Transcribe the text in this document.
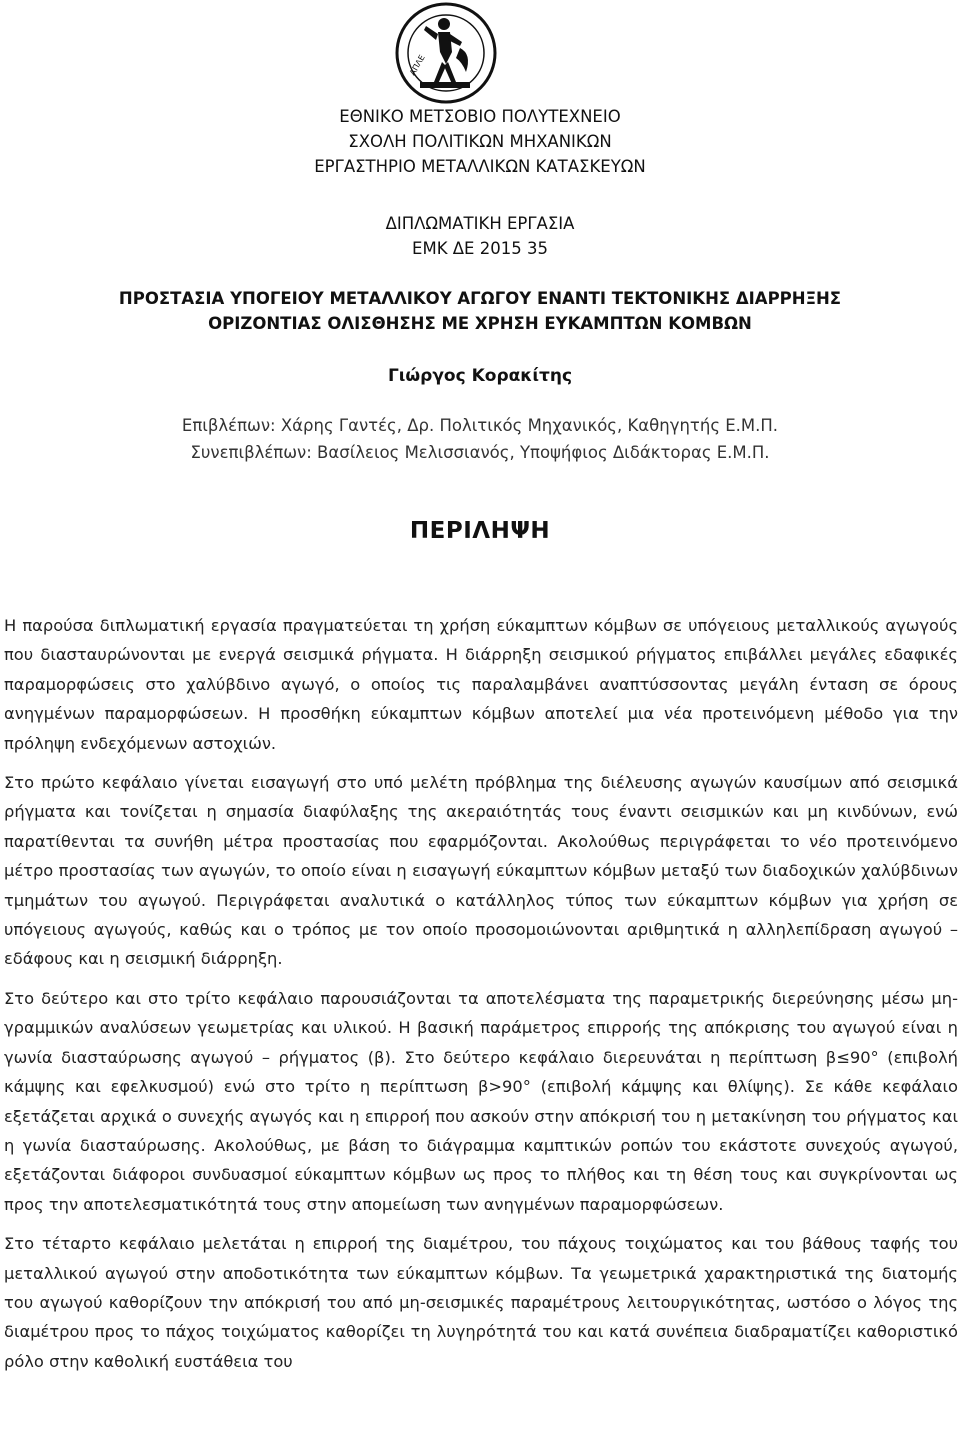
ΑΠΛΕ
ΕΘΝΙΚΟ ΜΕΤΣΟΒΙΟ ΠΟΛΥΤΕΧΝΕΙΟ
ΣΧΟΛΗ ΠΟΛΙΤΙΚΩΝ ΜΗΧΑΝΙΚΩΝ
ΕΡΓΑΣΤΗΡΙΟ ΜΕΤΑΛΛΙΚΩΝ ΚΑΤΑΣΚΕΥΩΝ
ΔΙΠΛΩΜΑΤΙΚΗ ΕΡΓΑΣΙΑ
ΕΜΚ ΔΕ 2015 35
ΠΡΟΣΤΑΣΙΑ ΥΠΟΓΕΙΟΥ ΜΕΤΑΛΛΙΚΟΥ ΑΓΩΓΟΥ ΕΝΑΝΤΙ ΤΕΚΤΟΝΙΚΗΣ ΔΙΑΡΡΗΞΗΣ
ΟΡΙΖΟΝΤΙΑΣ ΟΛΙΣΘΗΣΗΣ ΜΕ ΧΡΗΣΗ ΕΥΚΑΜΠΤΩΝ ΚΟΜΒΩΝ
Γιώργος Κορακίτης
Επιβλέπων: Χάρης Γαντές, Δρ. Πολιτικός Μηχανικός, Καθηγητής Ε.Μ.Π.
Συνεπιβλέπων: Βασίλειος Μελισσιανός, Υποψήφιος Διδάκτορας Ε.Μ.Π.
ΠΕΡΙΛΗΨΗ

Η παρούσα διπλωματική εργασία πραγματεύεται τη χρήση εύκαμπτων κόμβων σε υπόγειους μεταλλικούς αγωγούς που διασταυρώνονται με ενεργά σεισμικά ρήγματα. Η διάρρηξη σεισμικού ρήγματος επιβάλλει μεγάλες εδαφικές παραμορφώσεις στο χαλύβδινο αγωγό, ο οποίος τις παραλαμβάνει αναπτύσσοντας μεγάλη ένταση σε όρους ανηγμένων παραμορφώσεων. Η προσθήκη εύκαμπτων κόμβων αποτελεί μια νέα προτεινόμενη μέθοδο για την πρόληψη ενδεχόμενων αστοχιών.

Στο πρώτο κεφάλαιο γίνεται εισαγωγή στο υπό μελέτη πρόβλημα της διέλευσης αγωγών καυσίμων από σεισμικά ρήγματα και τονίζεται η σημασία διαφύλαξης της ακεραιότητάς τους έναντι σεισμικών και μη κινδύνων, ενώ παρατίθενται τα συνήθη μέτρα προστασίας που εφαρμόζονται. Ακολούθως περιγράφεται το νέο προτεινόμενο μέτρο προστασίας των αγωγών, το οποίο είναι η εισαγωγή εύκαμπτων κόμβων μεταξύ των διαδοχικών χαλύβδινων τμημάτων του αγωγού. Περιγράφεται αναλυτικά ο κατάλληλος τύπος των εύκαμπτων κόμβων για χρήση σε υπόγειους αγωγούς, καθώς και ο τρόπος με τον οποίο προσομοιώνονται αριθμητικά η αλληλεπίδραση αγωγού – εδάφους και η σεισμική διάρρηξη.

Στο δεύτερο και στο τρίτο κεφάλαιο παρουσιάζονται τα αποτελέσματα της παραμετρικής διερεύνησης μέσω μη-γραμμικών αναλύσεων γεωμετρίας και υλικού. Η βασική παράμετρος επιρροής της απόκρισης του αγωγού είναι η γωνία διασταύρωσης αγωγού – ρήγματος (β). Στο δεύτερο κεφάλαιο διερευνάται η περίπτωση β≤90° (επιβολή κάμψης και εφελκυσμού) ενώ στο τρίτο η περίπτωση β>90° (επιβολή κάμψης και θλίψης). Σε κάθε κεφάλαιο εξετάζεται αρχικά ο συνεχής αγωγός και η επιρροή που ασκούν στην απόκρισή του η μετακίνηση του ρήγματος και η γωνία διασταύρωσης. Ακολούθως, με βάση το διάγραμμα καμπτικών ροπών του εκάστοτε συνεχούς αγωγού, εξετάζονται διάφοροι συνδυασμοί εύκαμπτων κόμβων ως προς το πλήθος και τη θέση τους και συγκρίνονται ως προς την αποτελεσματικότητά τους στην απομείωση των ανηγμένων παραμορφώσεων.

Στο τέταρτο κεφάλαιο μελετάται η επιρροή της διαμέτρου, του πάχους τοιχώματος και του βάθους ταφής του μεταλλικού αγωγού στην αποδοτικότητα των εύκαμπτων κόμβων. Τα γεωμετρικά χαρακτηριστικά της διατομής του αγωγού καθορίζουν την απόκρισή του από μη-σεισμικές παραμέτρους λειτουργικότητας, ωστόσο ο λόγος της διαμέτρου προς το πάχος τοιχώματος καθορίζει τη λυγηρότητά του και κατά συνέπεια διαδραματίζει καθοριστικό ρόλο στην καθολική ευστάθεια του
